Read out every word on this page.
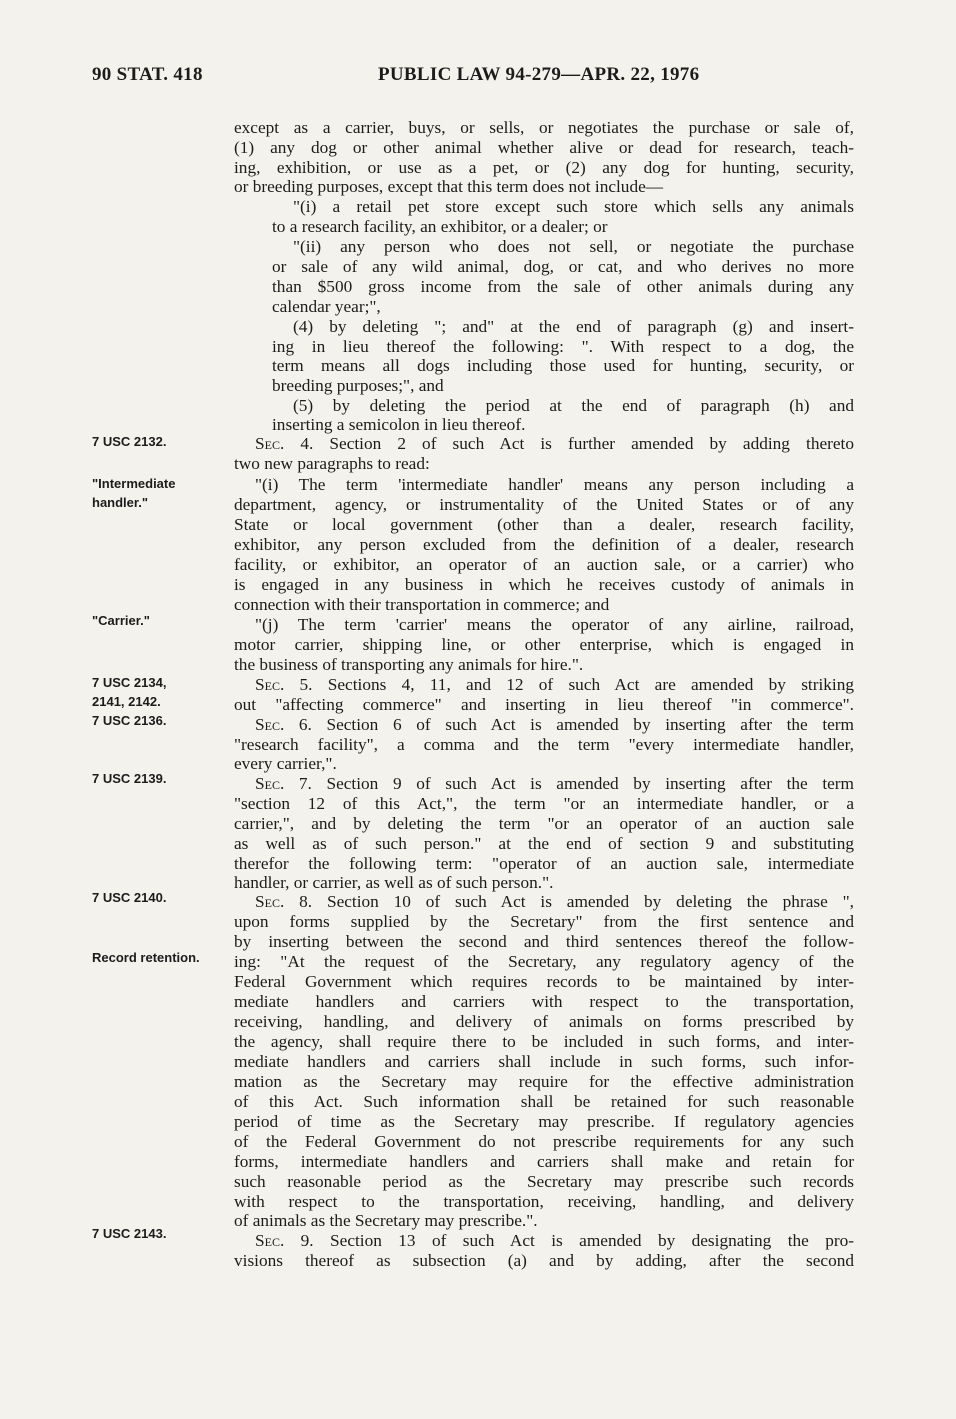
90 STAT. 418	PUBLIC LAW 94-279—APR. 22, 1976
7 USC 2132.
"Intermediate
handler."
"Carrier."
7 USC 2134,
2141, 2142.
7 USC 2136.
7 USC 2139.
7 USC 2140.
Record retention.
7 USC 2143.
except as a carrier, buys, or sells, or negotiates the purchase or sale of,
(1) any dog or other animal whether alive or dead for research, teach-
ing, exhibition, or use as a pet, or (2) any dog for hunting, security,
or breeding purposes, except that this term does not include—
"(i) a retail pet store except such store which sells any animals
to a research facility, an exhibitor, or a dealer; or
"(ii) any person who does not sell, or negotiate the purchase
or sale of any wild animal, dog, or cat, and who derives no more
than $500 gross income from the sale of other animals during any
calendar year;",
(4) by deleting "; and" at the end of paragraph (g) and insert-
ing in lieu thereof the following: ". With respect to a dog, the
term means all dogs including those used for hunting, security, or
breeding purposes;", and
(5) by deleting the period at the end of paragraph (h) and
inserting a semicolon in lieu thereof.
Sec. 4. Section 2 of such Act is further amended by adding thereto
two new paragraphs to read:
"(i) The term 'intermediate handler' means any person including a
department, agency, or instrumentality of the United States or of any
State or local government (other than a dealer, research facility,
exhibitor, any person excluded from the definition of a dealer, research
facility, or exhibitor, an operator of an auction sale, or a carrier) who
is engaged in any business in which he receives custody of animals in
connection with their transportation in commerce; and
"(j) The term 'carrier' means the operator of any airline, railroad,
motor carrier, shipping line, or other enterprise, which is engaged in
the business of transporting any animals for hire.".
Sec. 5. Sections 4, 11, and 12 of such Act are amended by striking
out "affecting commerce" and inserting in lieu thereof "in commerce".
Sec. 6. Section 6 of such Act is amended by inserting after the term
"research facility", a comma and the term "every intermediate handler,
every carrier,".
Sec. 7. Section 9 of such Act is amended by inserting after the term
"section 12 of this Act,", the term "or an intermediate handler, or a
carrier,", and by deleting the term "or an operator of an auction sale
as well as of such person." at the end of section 9 and substituting
therefor the following term: "operator of an auction sale, intermediate
handler, or carrier, as well as of such person.".
Sec. 8. Section 10 of such Act is amended by deleting the phrase ",
upon forms supplied by the Secretary" from the first sentence and
by inserting between the second and third sentences thereof the follow-
ing: "At the request of the Secretary, any regulatory agency of the
Federal Government which requires records to be maintained by inter-
mediate handlers and carriers with respect to the transportation,
receiving, handling, and delivery of animals on forms prescribed by
the agency, shall require there to be included in such forms, and inter-
mediate handlers and carriers shall include in such forms, such infor-
mation as the Secretary may require for the effective administration
of this Act. Such information shall be retained for such reasonable
period of time as the Secretary may prescribe. If regulatory agencies
of the Federal Government do not prescribe requirements for any such
forms, intermediate handlers and carriers shall make and retain for
such reasonable period as the Secretary may prescribe such records
with respect to the transportation, receiving, handling, and delivery
of animals as the Secretary may prescribe.".
Sec. 9. Section 13 of such Act is amended by designating the pro-
visions thereof as subsection (a) and by adding, after the second
